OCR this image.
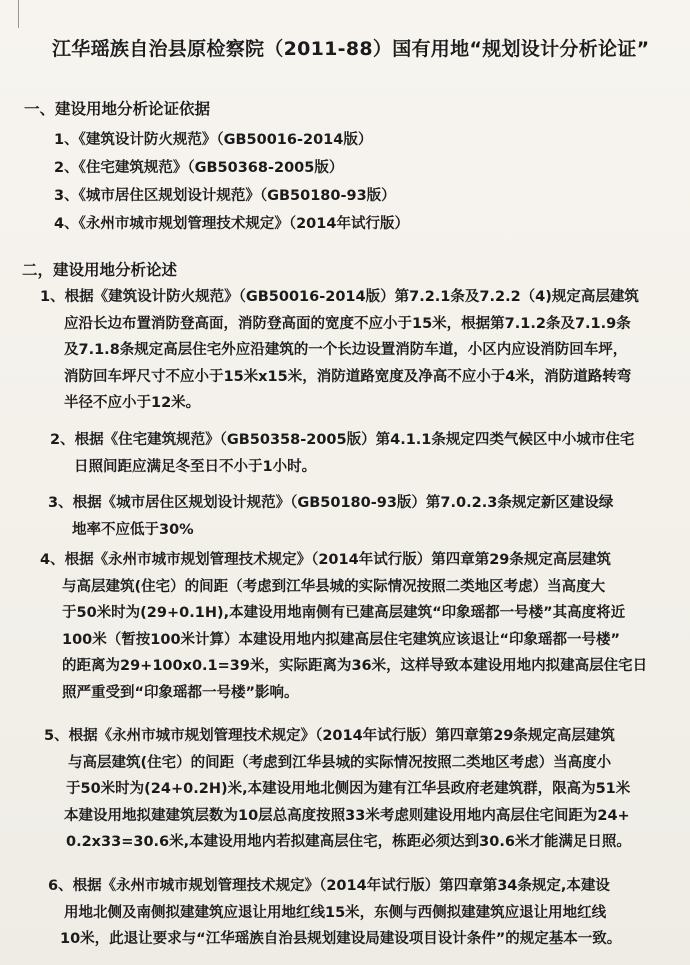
江华瑶族自治县原检察院（2011-88）国有用地“规划设计分析论证”
一、建设用地分析论证依据
1、《建筑设计防火规范》（GB50016-2014版）
2、《住宅建筑规范》（GB50368-2005版）
3、《城市居住区规划设计规范》（GB50180-93版）
4、《永州市城市规划管理技术规定》（2014年试行版）
二，建设用地分析论述
1、根据《建筑设计防火规范》（GB50016-2014版）第7.2.1条及7.2.2（4)规定高层建筑
应沿长边布置消防登高面，消防登高面的宽度不应小于15米，根据第7.1.2条及7.1.9条
及7.1.8条规定高层住宅外应沿建筑的一个长边设置消防车道，小区内应设消防回车坪，
消防回车坪尺寸不应小于15米x15米，消防道路宽度及净高不应小于4米，消防道路转弯
半径不应小于12米。
2、根据《住宅建筑规范》（GB50358-2005版）第4.1.1条规定四类气候区中小城市住宅
日照间距应满足冬至日不小于1小时。
3、根据《城市居住区规划设计规范》（GB50180-93版）第7.0.2.3条规定新区建设绿
地率不应低于30%
4、根据《永州市城市规划管理技术规定》（2014年试行版）第四章第29条规定高层建筑
与高层建筑(住宅）的间距（考虑到江华县城的实际情况按照二类地区考虑）当高度大
于50米时为(29+0.1H),本建设用地南侧有已建高层建筑“印象瑶都一号楼”其高度将近
100米（暂按100米计算）本建设用地内拟建高层住宅建筑应该退让“印象瑶都一号楼”
的距离为29+100x0.1=39米，实际距离为36米，这样导致本建设用地内拟建高层住宅日
照严重受到“印象瑶都一号楼”影响。
5、根据《永州市城市规划管理技术规定》（2014年试行版）第四章第29条规定高层建筑
与高层建筑(住宅）的间距（考虑到江华县城的实际情况按照二类地区考虑）当高度小
于50米时为(24+0.2H)米,本建设用地北侧因为建有江华县政府老建筑群，限高为51米
本建设用地拟建建筑层数为10层总高度按照33米考虑则建设用地内高层住宅间距为24+
0.2x33=30.6米,本建设用地内若拟建高层住宅，栋距必须达到30.6米才能满足日照。
6、根据《永州市城市规划管理技术规定》（2014年试行版）第四章第34条规定,本建设
用地北侧及南侧拟建建筑应退让用地红线15米，东侧与西侧拟建建筑应退让用地红线
10米，此退让要求与“江华瑶族自治县规划建设局建设项目设计条件”的规定基本一致。
